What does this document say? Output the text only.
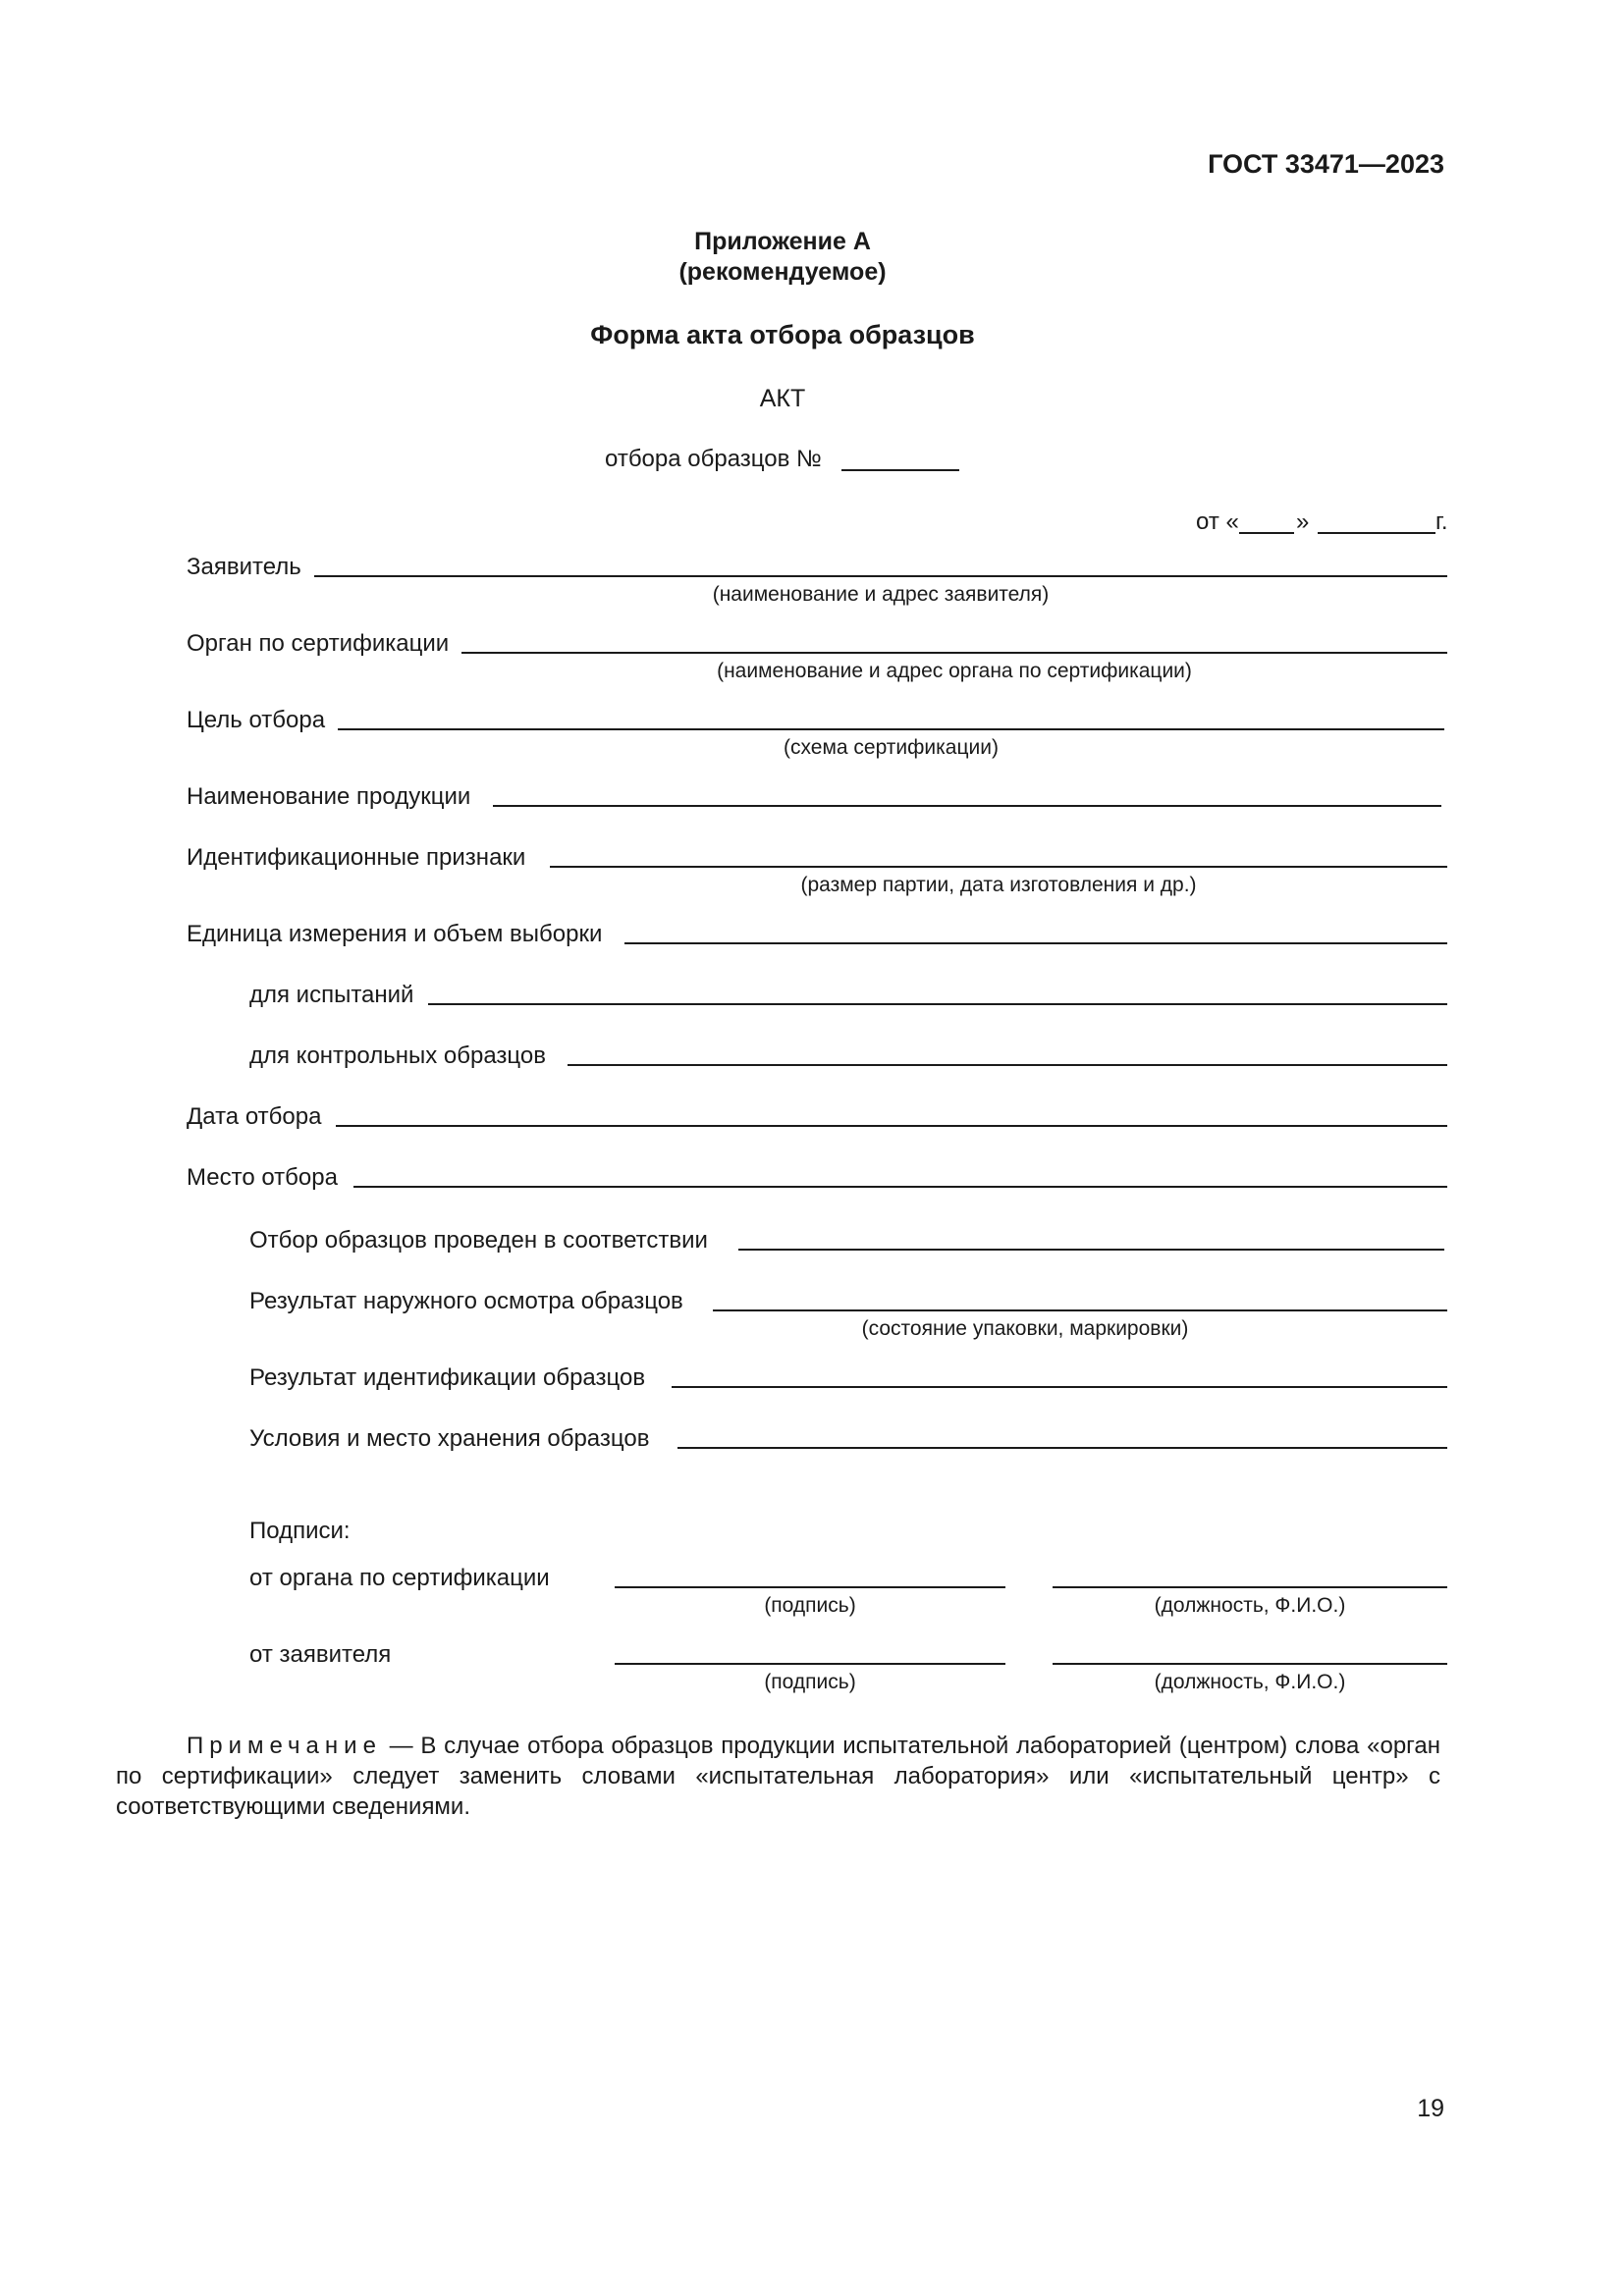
ГОСТ 33471—2023
Приложение А
(рекомендуемое)
Форма акта отбора образцов
АКТ
отбора образцов №
от « »	г.
Заявитель
(наименование и адрес заявителя)
Орган по сертификации
(наименование и адрес органа по сертификации)
Цель отбора
(схема сертификации)
Наименование продукции
Идентификационные признаки
(размер партии, дата изготовления и др.)
Единица измерения и объем выборки
для испытаний
для контрольных образцов
Дата отбора
Место отбора
Отбор образцов проведен в соответствии
Результат наружного осмотра образцов
(состояние упаковки, маркировки)
Результат идентификации образцов
Условия и место хранения образцов
Подписи:
от органа по сертификации
(подпись)	(должность, Ф.И.О.)
от заявителя
(подпись)	(должность, Ф.И.О.)
Примечание — В случае отбора образцов продукции испытательной лабораторией (центром) слова «орган по сертификации» следует заменить словами «испытательная лаборатория» или «испытательный центр» с соответствующими сведениями.
19
